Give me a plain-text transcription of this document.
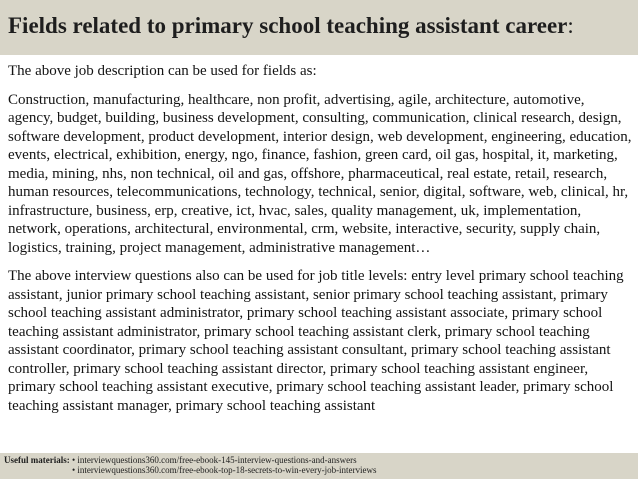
Fields related to primary school teaching assistant career:

The above job description can be used for fields as:

Construction, manufacturing, healthcare, non profit, advertising, agile, architecture, automotive, agency, budget, building, business development, consulting, communication, clinical research, design, software development, product development, interior design, web development, engineering, education, events, electrical, exhibition, energy, ngo, finance, fashion, green card, oil gas, hospital, it, marketing, media, mining, nhs, non technical, oil and gas, offshore, pharmaceutical, real estate, retail, research, human resources, telecommunications, technology, technical, senior, digital, software, web, clinical, hr, infrastructure, business, erp, creative, ict, hvac, sales, quality management, uk, implementation, network, operations, architectural, environmental, crm, website, interactive, security, supply chain, logistics, training, project management, administrative management…

The above interview questions also can be used for job title levels: entry level primary school teaching assistant, junior primary school teaching assistant, senior primary school teaching assistant, primary school teaching assistant administrator, primary school teaching assistant associate, primary school teaching assistant administrator, primary school teaching assistant clerk, primary school teaching assistant coordinator, primary school teaching assistant consultant, primary school teaching assistant controller, primary school teaching assistant director, primary school teaching assistant engineer, primary school teaching assistant executive, primary school teaching assistant leader, primary school teaching assistant manager, primary school teaching assistant

Useful materials: • interviewquestions360.com/free-ebook-145-interview-questions-and-answers
• interviewquestions360.com/free-ebook-top-18-secrets-to-win-every-job-interviews
